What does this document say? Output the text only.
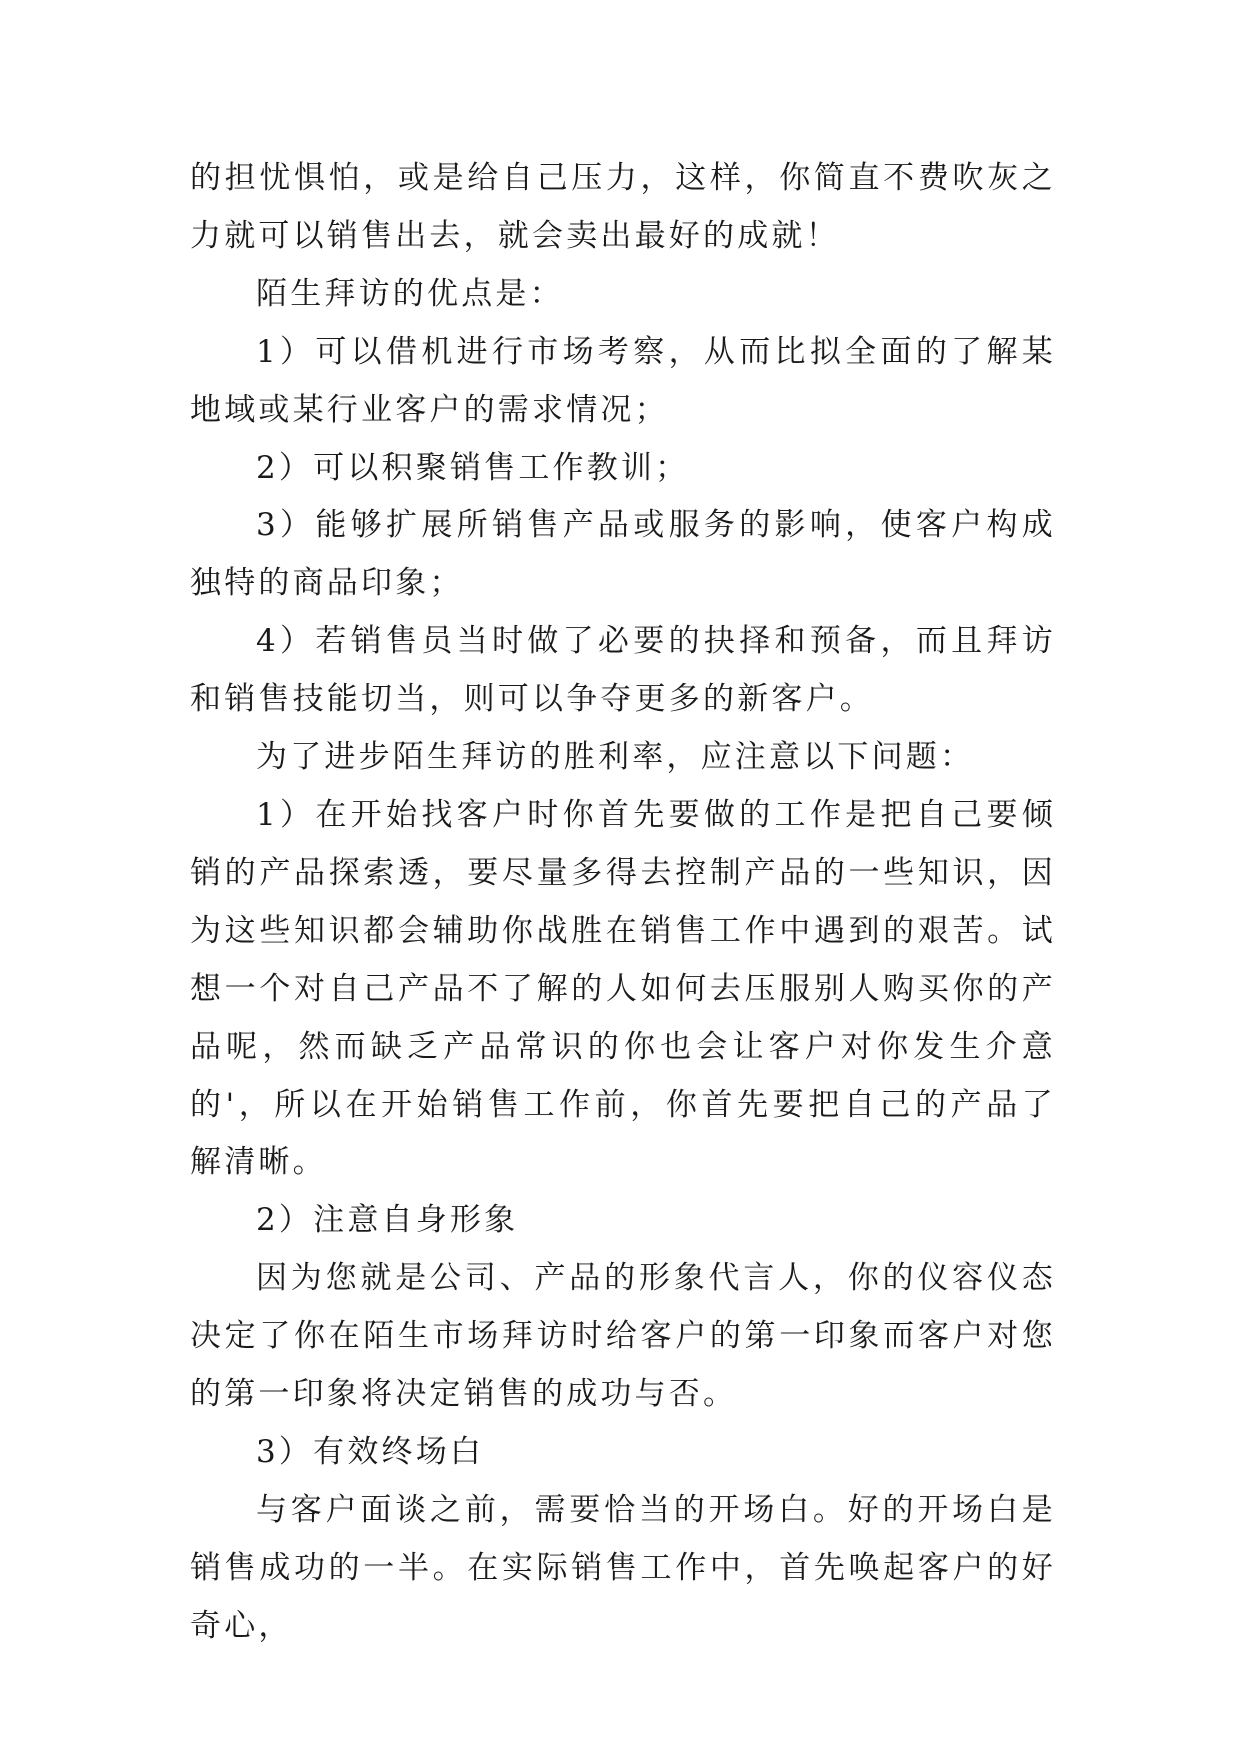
的担忧惧怕，或是给自己压力，这样，你简直不费吹灰之力就可以销售出去，就会卖出最好的成就！

陌生拜访的优点是：

1）可以借机进行市场考察，从而比拟全面的了解某地域或某行业客户的需求情况；

2）可以积聚销售工作教训；

3）能够扩展所销售产品或服务的影响，使客户构成独特的商品印象；

4）若销售员当时做了必要的抉择和预备，而且拜访和销售技能切当，则可以争夺更多的新客户。

为了进步陌生拜访的胜利率，应注意以下问题：

1）在开始找客户时你首先要做的工作是把自己要倾销的产品探索透，要尽量多得去控制产品的一些知识，因为这些知识都会辅助你战胜在销售工作中遇到的艰苦。试想一个对自己产品不了解的人如何去压服别人购买你的产品呢，然而缺乏产品常识的你也会让客户对你发生介意的'，所以在开始销售工作前，你首先要把自己的产品了解清晰。

2）注意自身形象

因为您就是公司、产品的形象代言人，你的仪容仪态决定了你在陌生市场拜访时给客户的第一印象而客户对您的第一印象将决定销售的成功与否。

3）有效终场白

与客户面谈之前，需要恰当的开场白。好的开场白是销售成功的一半。在实际销售工作中，首先唤起客户的好奇心，
